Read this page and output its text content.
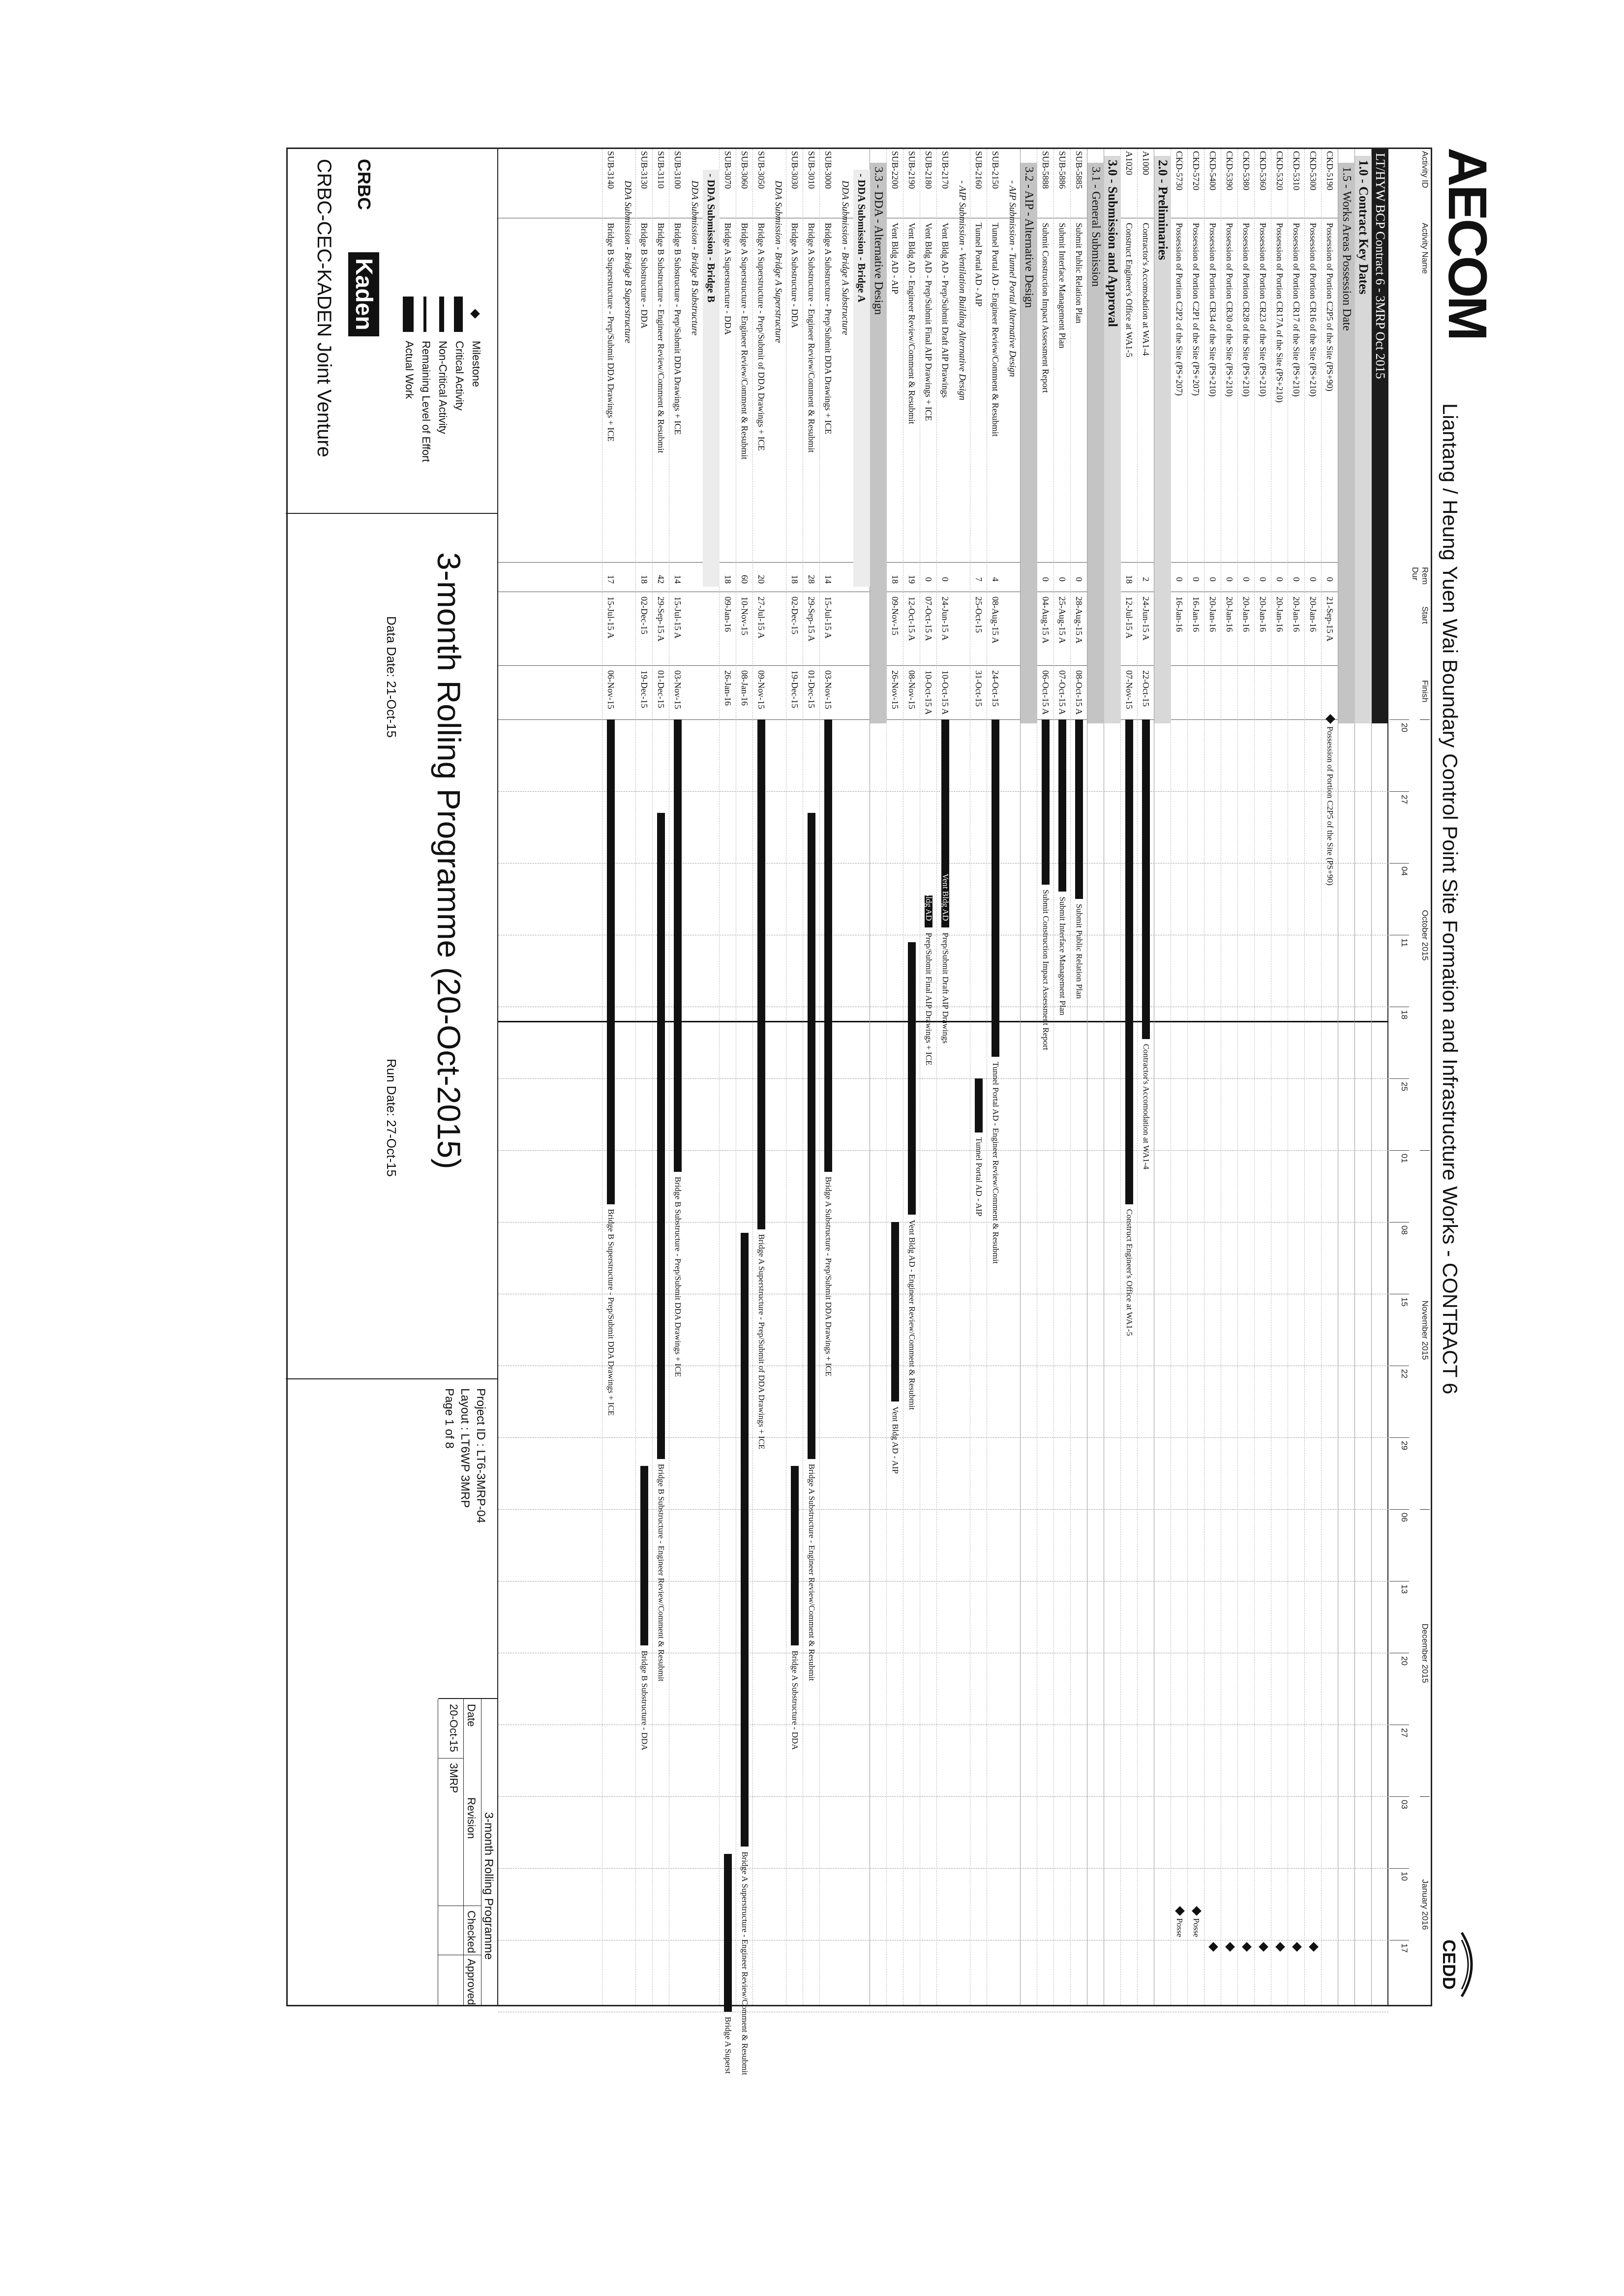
AECOM
Liantang / Heung Yuen Wai Boundary Control Point Site Formation and Infrastructure Works - CONTRACT 6
CEDD
Activity ID
Activity Name
Rem Dur
Start
Finish
October 2015
November 2015
December 2015
January 2016
20
27
04
11
18
25
01
08
15
22
29
06
13
20
27
03
10
17
LT/HYW BCP Contract 6 - 3MRP Oct 2015
1.0 - Contract Key Dates
1.5 - Works Areas Possession Date
CKD-5190
Possession of Portion C2P5 of the Site (PS+90)
0
21-Sep-15 A
Possession of Portion C2P5 of the Site (PS+90)
CKD-5300
Possession of Portion CR16 of the Site (PS+210)
0
20-Jan-16
CKD-5310
Possession of Portion CR17 of the Site (PS+210)
0
20-Jan-16
CKD-5320
Possession of Portion CR17A of the Site (PS+210)
0
20-Jan-16
CKD-5360
Possession of Portion CR23 of the Site (PS+210)
0
20-Jan-16
CKD-5380
Possession of Portion CR28 of the Site (PS+210)
0
20-Jan-16
CKD-5390
Possession of Portion CR30 of the Site (PS+210)
0
20-Jan-16
CKD-5400
Possession of Portion CR34 of the Site (PS+210)
0
20-Jan-16
CKD-5720
Possession of Portion C2P1 of the Site (PS+207)
0
16-Jan-16
Posse
CKD-5730
Possession of Portion C2P2 of the Site (PS+207)
0
16-Jan-16
Posse
2.0 - Preliminaries
A1000
Contractor's Accomodation at WA1-4
2
24-Jun-15 A
22-Oct-15
Contractor's Accomodation at WA1-4
A1020
Construct Engineer's Office at WA1-5
18
12-Jul-15 A
07-Nov-15
Construct Engineer's Office at WA1-5
3.0 - Submission and Approval
3.1 - General Submission
SUB-5885
Submit Public Relation Plan
0
28-Aug-15 A
08-Oct-15 A
Submit Public Relation Plan
SUB-5886
Submit Interface Management Plan
0
25-Aug-15 A
07-Oct-15 A
Submit Interface Management Plan
SUB-5888
Submit Construction Impact Assessment Report
0
04-Aug-15 A
06-Oct-15 A
Submit Construction Impact Assessment Report
3.2 - AIP - Alternative Design
- AIP Submission - Tunnel Portal Alternative Design
SUB-2150
Tunnel Portal AD - Engineer Review/Comment & Resubmit
4
08-Aug-15 A
24-Oct-15
Tunnel Portal AD - Engineer Review/Comment & Resubmit
SUB-2160
Tunnel Portal AD - AIP
7
25-Oct-15
31-Oct-15
Tunnel Portal AD - AIP
- AIP Submission - Ventilation Building Alternative Design
SUB-2170
Vent Bldg AD - Prep/Submit Draft AIP Drawings
0
24-Jun-15 A
10-Oct-15 A
Prep/Submit Draft AIP Drawings
Vent Bldg AD
SUB-2180
Vent Bldg AD - Prep/Submit Final AIP Drawings + ICE
0
07-Oct-15 A
10-Oct-15 A
Prep/Submit Final AIP Drawings + ICE
Vent Bldg AD
SUB-2190
Vent Bldg AD - Engineer Review/Comment & Resubmit
19
12-Oct-15 A
08-Nov-15
Vent Bldg AD - Engineer Review/Comment & Resubmit
SUB-2200
Vent Bldg AD - AIP
18
09-Nov-15
26-Nov-15
Vent Bldg AD - AIP
3.3 - DDA - Alternative Design
- DDA Submission - Bridge A
DDA Submission - Bridge A Substructure
SUB-3000
Bridge A Substructure - Prep/Submit DDA Drawings + ICE
14
15-Jul-15 A
03-Nov-15
Bridge A Substructure - Prep/Submit DDA Drawings + ICE
SUB-3010
Bridge A Substructure - Engineer Review/Comment & Resubmit
28
29-Sep-15 A
01-Dec-15
Bridge A Substructure - Engineer Review/Comment & Resubmit
SUB-3030
Bridge A Substructure - DDA
18
02-Dec-15
19-Dec-15
Bridge A Substructure - DDA
DDA Submission - Bridge A Superstructure
SUB-3050
Bridge A Superstructure - Prep/Submit of DDA Drawings + ICE
20
27-Jul-15 A
09-Nov-15
Bridge A Superstructure - Prep/Submit of DDA Drawings + ICE
SUB-3060
Bridge A Superstructure - Engineer Review/Comment & Resubmit
60
10-Nov-15
08-Jan-16
Bridge A Superstructure - Engineer Review/Comment & Resubmit
SUB-3070
Bridge A Superstructure - DDA
18
09-Jan-16
26-Jan-16
Bridge A Superst
- DDA Submission - Bridge B
DDA Submission - Bridge B Substructure
SUB-3100
Bridge B Substructure - Prep/Submit DDA Drawings + ICE
14
15-Jul-15 A
03-Nov-15
Bridge B Substructure - Prep/Submit DDA Drawings + ICE
SUB-3110
Bridge B Substructure - Engineer Review/Comment & Resubmit
42
29-Sep-15 A
01-Dec-15
Bridge B Substructure - Engineer Review/Comment & Resubmit
SUB-3130
Bridge B Substructure - DDA
18
02-Dec-15
19-Dec-15
Bridge B Substructure - DDA
DDA Submission - Bridge B Superstructure
SUB-3140
Bridge B Superstructure - Prep/Submit DDA Drawings + ICE
17
15-Jul-15 A
06-Nov-15
Bridge B Superstructure - Prep/Submit DDA Drawings + ICE
Milestone
Critical Activity
Non-Critical Activity
Remaining Level of Effort
Actual Work
CRBC
Kaden
CRBC-CEC-KADEN Joint Venture
3-month Rolling Programme (20-Oct-2015)
Data Date: 21-Oct-15
Run Date: 27-Oct-15
Project ID : LT6-3MRP-04
Layout : LT6WP 3MRP
Page 1 of 8
3-month Rolling Programme
Date
Revision
Checked
Approved
20-Oct-15
3MRP
